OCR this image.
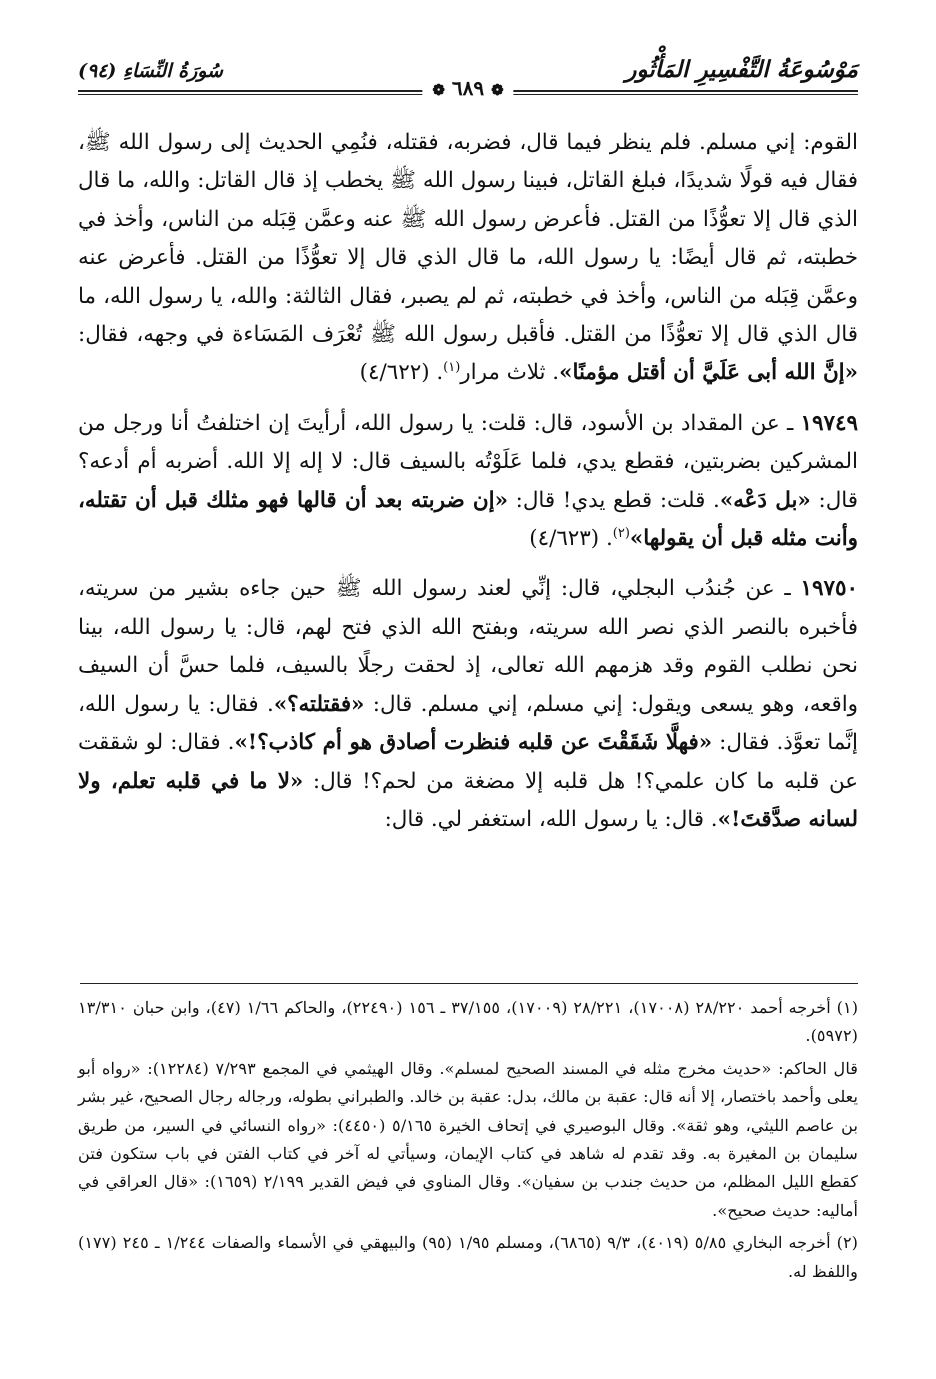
مَوْسُوعَةُ التَّفْسِيرِ المَأْثُور
سُورَةُ النِّسَاءِ (٩٤)
❁ ٦٨٩ ❁

القوم: إني مسلم. فلم ينظر فيما قال، فضربه، فقتله، فنُمِي الحديث إلى رسول الله ﷺ، فقال فيه قولًا شديدًا، فبلغ القاتل، فبينا رسول الله ﷺ يخطب إذ قال القاتل: والله، ما قال الذي قال إلا تعوُّذًا من القتل. فأعرض رسول الله ﷺ عنه وعمَّن قِبَله من الناس، وأخذ في خطبته، ثم قال أيضًا: يا رسول الله، ما قال الذي قال إلا تعوُّذًا من القتل. فأعرض عنه وعمَّن قِبَله من الناس، وأخذ في خطبته، ثم لم يصبر، فقال الثالثة: والله، يا رسول الله، ما قال الذي قال إلا تعوُّذًا من القتل. فأقبل رسول الله ﷺ تُعْرَف المَسَاءة في وجهه، فقال: «إنَّ الله أبى عَلَيَّ أن أقتل مؤمنًا». ثلاث مرار$^{(١)}$. (٤/٦٢٢)

١٩٧٤٩ ـ عن المقداد بن الأسود، قال: قلت: يا رسول الله، أرأيتَ إن اختلفتُ أنا ورجل من المشركين بضربتين، فقطع يدي، فلما عَلَوْتُه بالسيف قال: لا إله إلا الله. أضربه أم أدعه؟ قال: «بل دَعْه». قلت: قطع يدي! قال: «إن ضربته بعد أن قالها فهو مثلك قبل أن تقتله، وأنت مثله قبل أن يقولها»$^{(٢)}$. (٤/٦٢٣)

١٩٧٥٠ ـ عن جُندُب البجلي، قال: إنِّي لعند رسول الله ﷺ حين جاءه بشير من سريته، فأخبره بالنصر الذي نصر الله سريته، وبفتح الله الذي فتح لهم، قال: يا رسول الله، بينا نحن نطلب القوم وقد هزمهم الله تعالى، إذ لحقت رجلًا بالسيف، فلما حسَّ أن السيف واقعه، وهو يسعى ويقول: إني مسلم، إني مسلم. قال: «فقتلته؟». فقال: يا رسول الله، إنَّما تعوَّذ. فقال: «فهلَّا شَقَقْتَ عن قلبه فنظرت أصادق هو أم كاذب؟!». فقال: لو شققت عن قلبه ما كان علمي؟! هل قلبه إلا مضغة من لحم؟! قال: «لا ما في قلبه تعلم، ولا لسانه صدَّقتَ!». قال: يا رسول الله، استغفر لي. قال:

(١) أخرجه أحمد ٢٨/٢٢٠ (١٧٠٠٨)، ٢٨/٢٢١ (١٧٠٠٩)، ٣٧/١٥٥ ـ ١٥٦ (٢٢٤٩٠)، والحاكم ١/٦٦ (٤٧)، وابن حبان ١٣/٣١٠ (٥٩٧٢).

قال الحاكم: «حديث مخرج مثله في المسند الصحيح لمسلم». وقال الهيثمي في المجمع ٧/٢٩٣ (١٢٢٨٤): «رواه أبو يعلى وأحمد باختصار، إلا أنه قال: عقبة بن مالك، بدل: عقبة بن خالد. والطبراني بطوله، ورجاله رجال الصحيح، غير بشر بن عاصم الليثي، وهو ثقة». وقال البوصيري في إتحاف الخيرة ٥/١٦٥ (٤٤٥٠): «رواه النسائي في السير، من طريق سليمان بن المغيرة به. وقد تقدم له شاهد في كتاب الإيمان، وسيأتي له آخر في كتاب الفتن في باب ستكون فتن كقطع الليل المظلم، من حديث جندب بن سفيان». وقال المناوي في فيض القدير ٢/١٩٩ (١٦٥٩): «قال العراقي في أماليه: حديث صحيح».

(٢) أخرجه البخاري ٥/٨٥ (٤٠١٩)، ٩/٣ (٦٨٦٥)، ومسلم ١/٩٥ (٩٥) والبيهقي في الأسماء والصفات ١/٢٤٤ ـ ٢٤٥ (١٧٧) واللفظ له.
